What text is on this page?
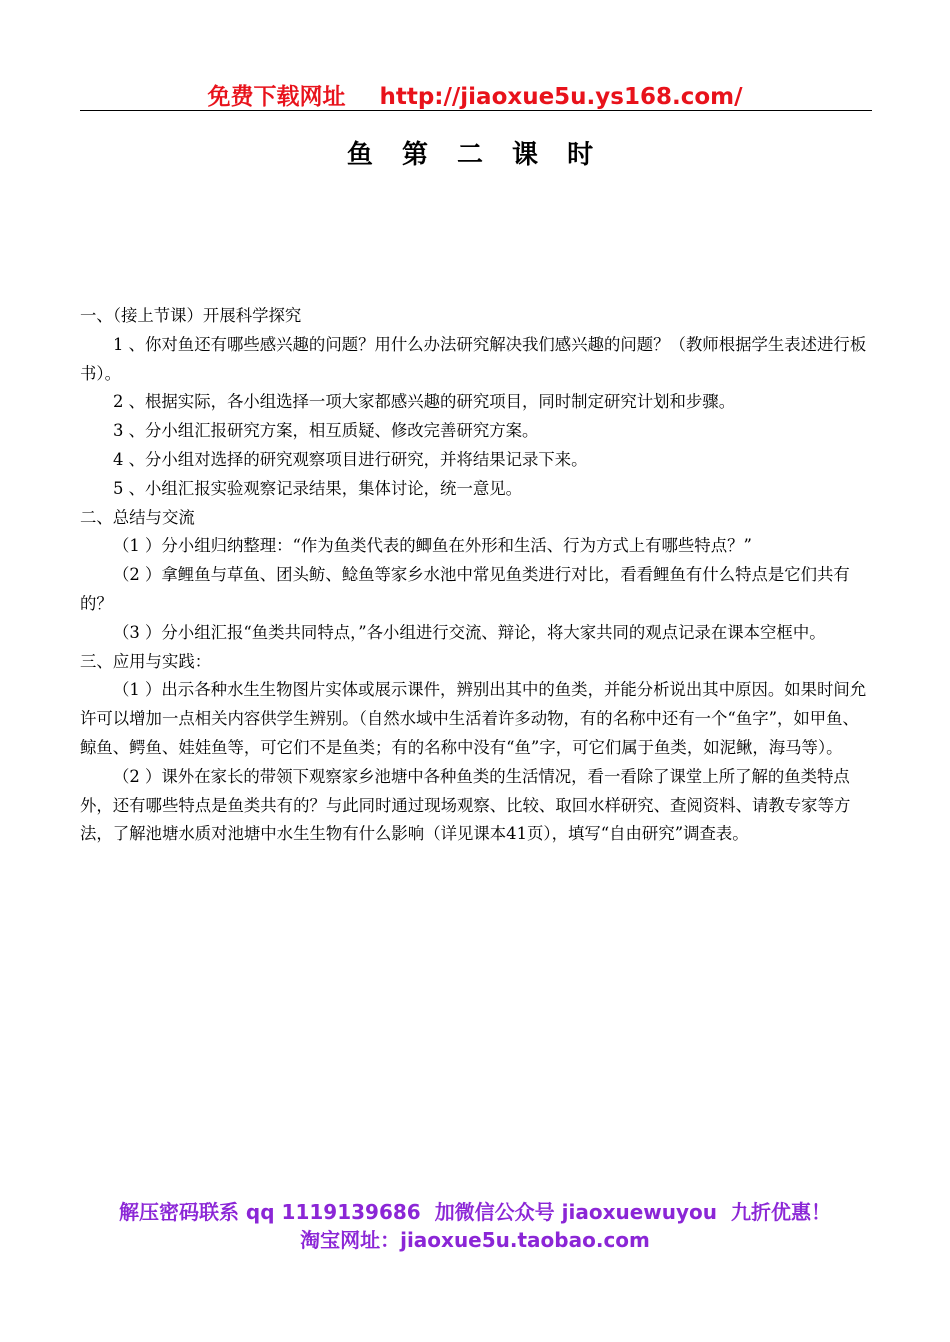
免费下载网址 http://jiaoxue5u.ys168.com/
鱼 第 二 课 时

一、（接上节课）开展科学探究

1 、你对鱼还有哪些感兴趣的问题？用什么办法研究解决我们感兴趣的问题？（教师根据学生表述进行板书）。

2 、根据实际，各小组选择一项大家都感兴趣的研究项目，同时制定研究计划和步骤。

3 、分小组汇报研究方案，相互质疑、修改完善研究方案。

4 、分小组对选择的研究观察项目进行研究，并将结果记录下来。

5 、小组汇报实验观察记录结果，集体讨论，统一意见。

二、总结与交流

（1 ）分小组归纳整理：“作为鱼类代表的鲫鱼在外形和生活、行为方式上有哪些特点？”

（2 ）拿鲤鱼与草鱼、团头鲂、鲶鱼等家乡水池中常见鱼类进行对比，看看鲤鱼有什么特点是它们共有的？

（3 ）分小组汇报“鱼类共同特点，”各小组进行交流、辩论，将大家共同的观点记录在课本空框中。

三、应用与实践：

（1 ）出示各种水生生物图片实体或展示课件，辨别出其中的鱼类，并能分析说出其中原因。如果时间允许可以增加一点相关内容供学生辨别。（自然水域中生活着许多动物，有的名称中还有一个“鱼字”，如甲鱼、鲸鱼、鳄鱼、娃娃鱼等，可它们不是鱼类；有的名称中没有“鱼”字，可它们属于鱼类，如泥鳅，海马等）。

（2 ）课外在家长的带领下观察家乡池塘中各种鱼类的生活情况，看一看除了课堂上所了解的鱼类特点外，还有哪些特点是鱼类共有的？与此同时通过现场观察、比较、取回水样研究、查阅资料、请教专家等方法，了解池塘水质对池塘中水生生物有什么影响（详见课本41页），填写“自由研究”调查表。

解压密码联系 qq 1119139686 加微信公众号 jiaoxuewuyou 九折优惠！
淘宝网址：jiaoxue5u.taobao.com
